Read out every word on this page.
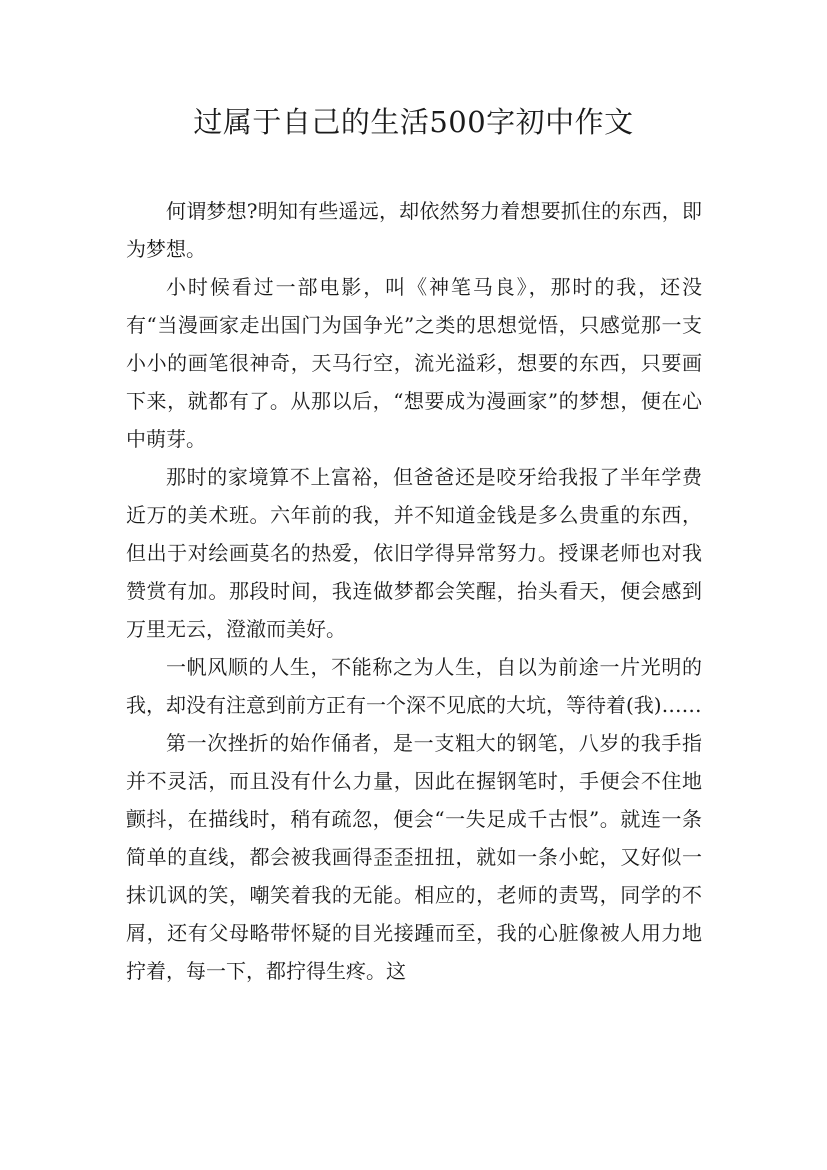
过属于自己的生活500字初中作文

何谓梦想?明知有些遥远，却依然努力着想要抓住的东西，即为梦想。

小时候看过一部电影，叫《神笔马良》，那时的我，还没有“当漫画家走出国门为国争光”之类的思想觉悟，只感觉那一支小小的画笔很神奇，天马行空，流光溢彩，想要的东西，只要画下来，就都有了。从那以后，“想要成为漫画家”的梦想，便在心中萌芽。

那时的家境算不上富裕，但爸爸还是咬牙给我报了半年学费近万的美术班。六年前的我，并不知道金钱是多么贵重的东西，但出于对绘画莫名的热爱，依旧学得异常努力。授课老师也对我赞赏有加。那段时间，我连做梦都会笑醒，抬头看天，便会感到万里无云，澄澈而美好。

一帆风顺的人生，不能称之为人生，自以为前途一片光明的我，却没有注意到前方正有一个深不见底的大坑，等待着(我)……

第一次挫折的始作俑者，是一支粗大的钢笔，八岁的我手指并不灵活，而且没有什么力量，因此在握钢笔时，手便会不住地颤抖，在描线时，稍有疏忽，便会“一失足成千古恨”。就连一条简单的直线，都会被我画得歪歪扭扭，就如一条小蛇，又好似一抹讥讽的笑，嘲笑着我的无能。相应的，老师的责骂，同学的不屑，还有父母略带怀疑的目光接踵而至，我的心脏像被人用力地拧着，每一下，都拧得生疼。这
